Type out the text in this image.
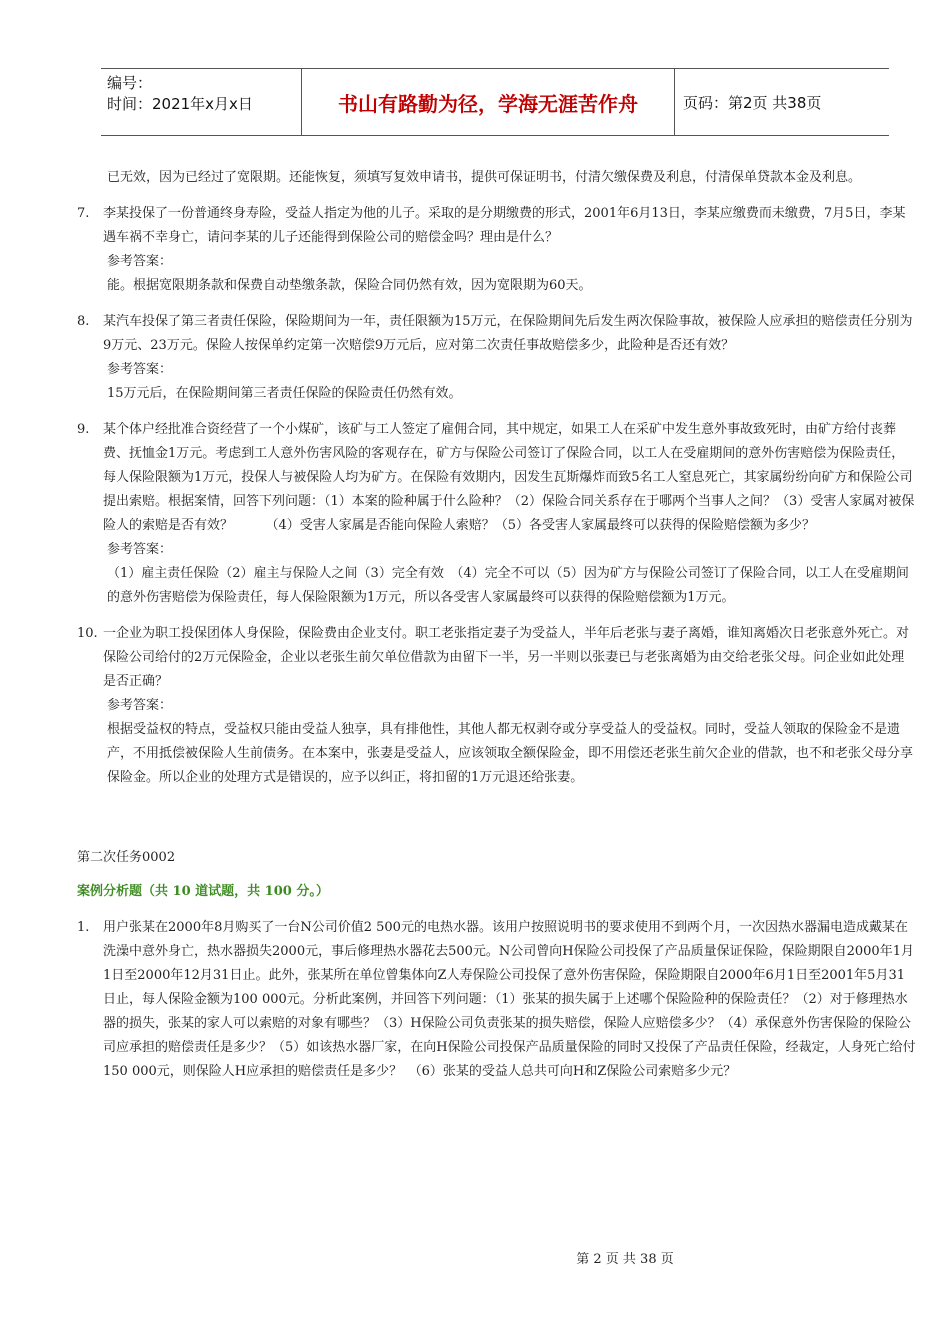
编号：
时间：2021年x月x日	书山有路勤为径，学海无涯苦作舟	页码：第2页 共38页
已无效，因为已经过了宽限期。还能恢复，须填写复效申请书，提供可保证明书，付清欠缴保费及利息，付清保单贷款本金及利息。
7.	李某投保了一份普通终身寿险，受益人指定为他的儿子。采取的是分期缴费的形式，2001年6月13日，李某应缴费而未缴费，7月5日，李某遇车祸不幸身亡，请问李某的儿子还能得到保险公司的赔偿金吗？理由是什么？
参考答案：
能。根据宽限期条款和保费自动垫缴条款，保险合同仍然有效，因为宽限期为60天。
8.	某汽车投保了第三者责任保险，保险期间为一年，责任限额为15万元，在保险期间先后发生两次保险事故，被保险人应承担的赔偿责任分别为9万元、23万元。保险人按保单约定第一次赔偿9万元后，应对第二次责任事故赔偿多少，此险种是否还有效？
参考答案：
15万元后，在保险期间第三者责任保险的保险责任仍然有效。
9.	某个体户经批准合资经营了一个小煤矿，该矿与工人签定了雇佣合同，其中规定，如果工人在采矿中发生意外事故致死时，由矿方给付丧葬费、抚恤金1万元。考虑到工人意外伤害风险的客观存在，矿方与保险公司签订了保险合同，以工人在受雇期间的意外伤害赔偿为保险责任，每人保险限额为1万元，投保人与被保险人均为矿方。在保险有效期内，因发生瓦斯爆炸而致5名工人窒息死亡，其家属纷纷向矿方和保险公司提出索赔。根据案情，回答下列问题：（1）本案的险种属于什么险种？（2）保险合同关系存在于哪两个当事人之间？（3）受害人家属对被保险人的索赔是否有效？　　　（4）受害人家属是否能向保险人索赔？（5）各受害人家属最终可以获得的保险赔偿额为多少？
参考答案：
（1）雇主责任保险（2）雇主与保险人之间（3）完全有效　（4）完全不可以（5）因为矿方与保险公司签订了保险合同，以工人在受雇期间的意外伤害赔偿为保险责任，每人保险限额为1万元，所以各受害人家属最终可以获得的保险赔偿额为1万元。
10. 一企业为职工投保团体人身保险，保险费由企业支付。职工老张指定妻子为受益人，半年后老张与妻子离婚，谁知离婚次日老张意外死亡。对保险公司给付的2万元保险金，企业以老张生前欠单位借款为由留下一半，另一半则以张妻已与老张离婚为由交给老张父母。问企业如此处理是否正确？
参考答案：
根据受益权的特点，受益权只能由受益人独享，具有排他性，其他人都无权剥夺或分享受益人的受益权。同时，受益人领取的保险金不是遗产，不用抵偿被保险人生前债务。在本案中，张妻是受益人，应该领取全额保险金，即不用偿还老张生前欠企业的借款，也不和老张父母分享保险金。所以企业的处理方式是错误的，应予以纠正，将扣留的1万元退还给张妻。
第二次任务0002
案例分析题（共 10 道试题，共 100 分。）
1.	用户张某在2000年8月购买了一台N公司价值2 500元的电热水器。该用户按照说明书的要求使用不到两个月，一次因热水器漏电造成戴某在洗澡中意外身亡，热水器损失2000元，事后修理热水器花去500元。N公司曾向H保险公司投保了产品质量保证保险，保险期限自2000年1月1日至2000年12月31日止。此外，张某所在单位曾集体向Z人寿保险公司投保了意外伤害保险，保险期限自2000年6月1日至2001年5月31日止，每人保险金额为100 000元。分析此案例，并回答下列问题：（1）张某的损失属于上述哪个保险险种的保险责任？（2）对于修理热水器的损失，张某的家人可以索赔的对象有哪些？（3）H保险公司负责张某的损失赔偿，保险人应赔偿多少？（4）承保意外伤害保险的保险公司应承担的赔偿责任是多少？（5）如该热水器厂家，在向H保险公司投保产品质量保险的同时又投保了产品责任保险，经裁定，人身死亡给付150 000元，则保险人H应承担的赔偿责任是多少？　（6）张某的受益人总共可向H和Z保险公司索赔多少元？
第 2 页 共 38 页
